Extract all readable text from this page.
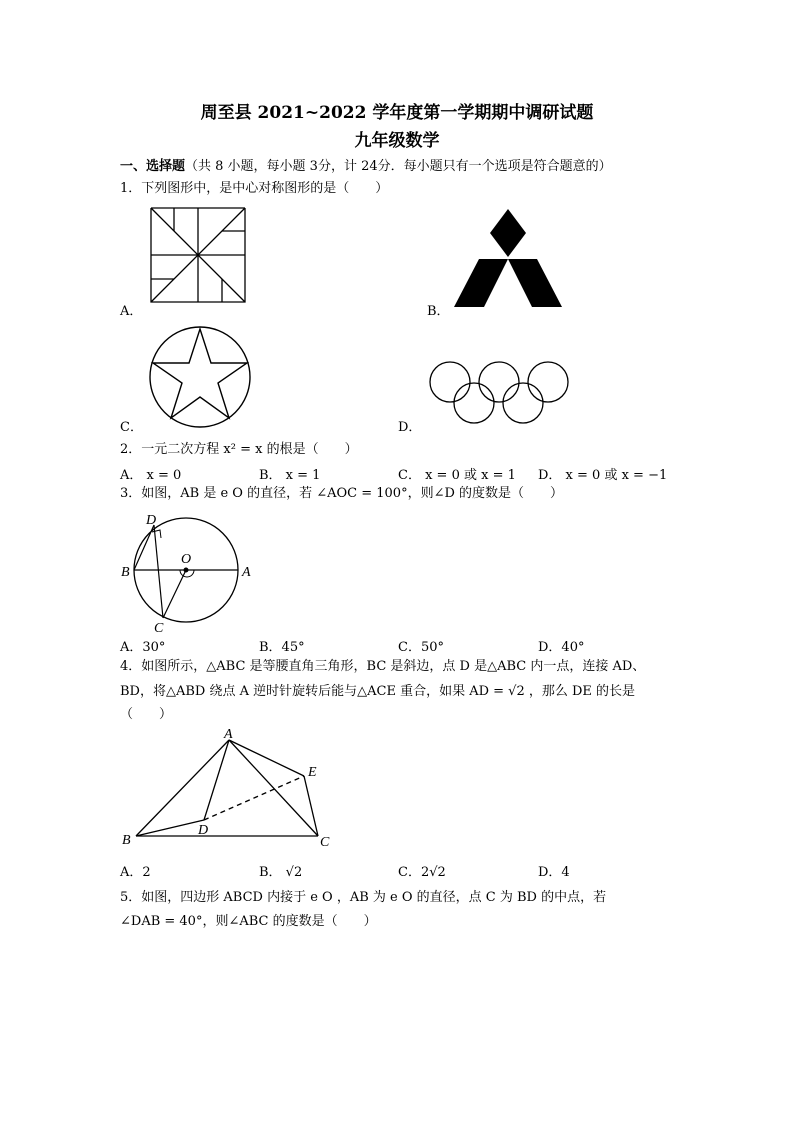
周至县 2021~2022 学年度第一学期期中调研试题
九年级数学
一、选择题（共 8 小题，每小题 3分，计 24分．每小题只有一个选项是符合题意的）
1．下列图形中，是中心对称图形的是（　　）
A．	B．
C．	D．
2．一元二次方程 x² = x 的根是（　　）
A． x = 0	B． x = 1	C． x = 0 或 x = 1 D． x = 0 或 x = −1
3．如图，AB 是 e O 的直径，若 ∠AOC = 100°，则∠D 的度数是（　　）
D
O
B	A
C
A．30°	B．45°	C．50°	D．40°
4．如图所示，△ABC 是等腰直角三角形，BC 是斜边，点 D 是△ABC 内一点，连接 AD、
BD，将△ABD 绕点 A 逆时针旋转后能与△ACE 重合，如果 AD = √2 ，那么 DE 的长是
（　　）
A
E
D
B	C
A．2	B． √2	C．2√2	D．4
5．如图，四边形 ABCD 内接于 e O ，AB 为 e O 的直径，点 C 为 BD 的中点，若
∠DAB = 40°，则∠ABC 的度数是（　　）
